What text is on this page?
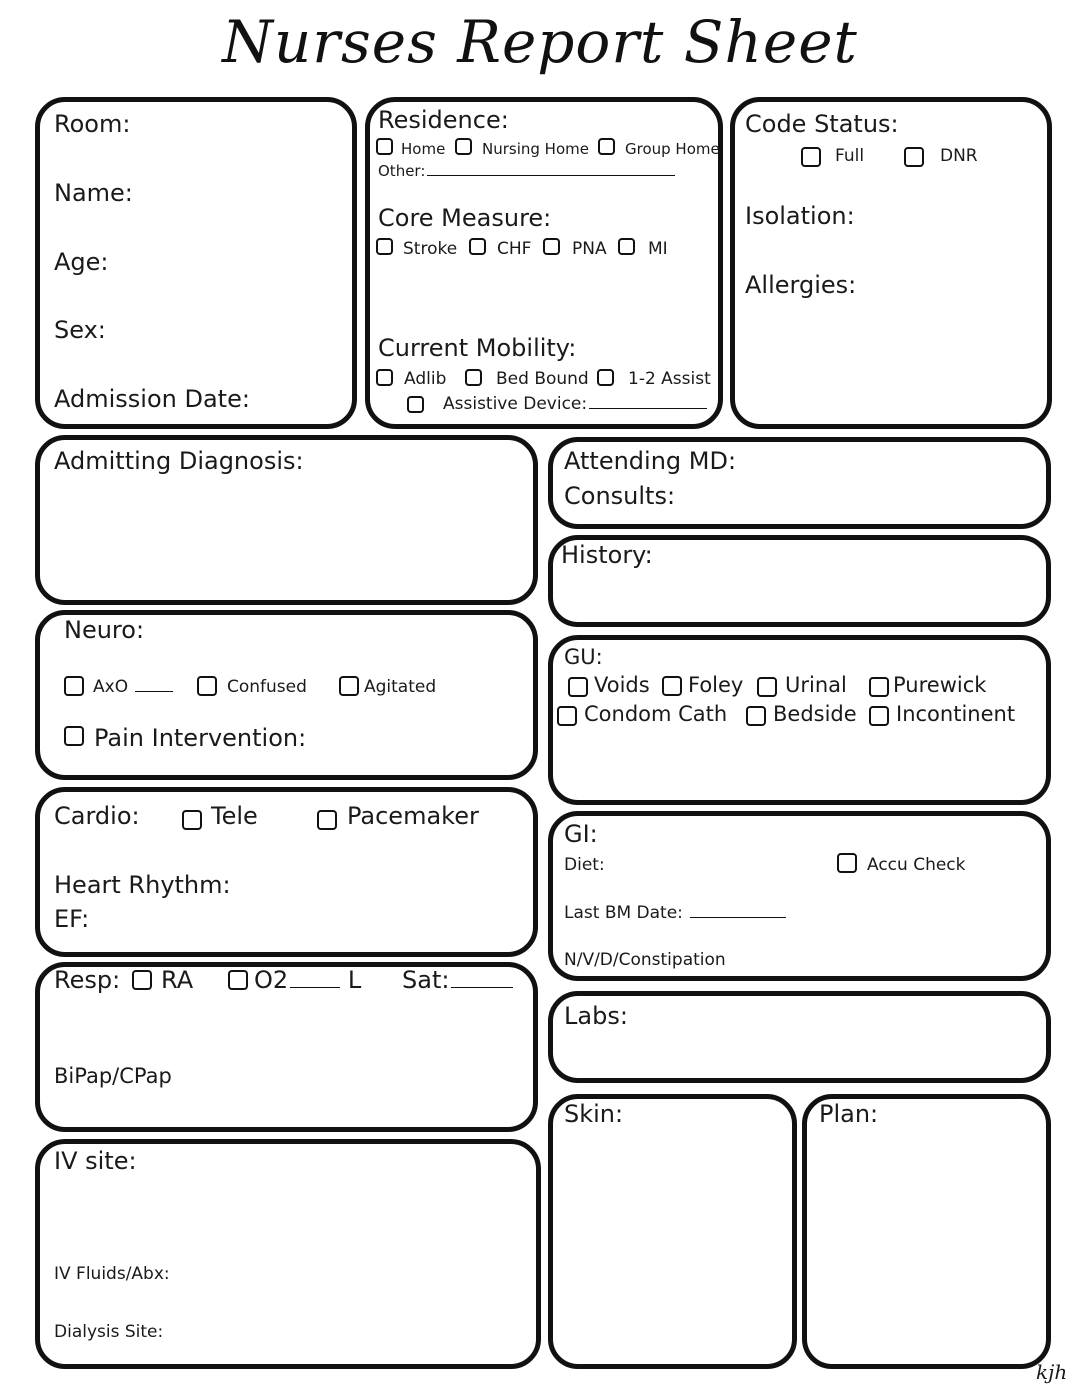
Nurses Report Sheet
Room:
Name:
Age:
Sex:
Admission Date:
Residence:
Home Nursing Home Group Home
Other:
Core Measure:
Stroke CHF PNA MI
Current Mobility:
Adlib	Bed Bound 1-2 Assist
Assistive Device:
Code Status:
Full	DNR
Isolation:
Allergies:
Admitting Diagnosis:	Attending MD:
Consults:
History:
Neuro:
AxO	Confused	Agitated
Pain Intervention:
GU:
Voids Foley Urinal Purewick
Condom Cath Bedside Incontinent
Cardio:	Tele	Pacemaker
Heart Rhythm:
EF:
GI:
Diet:	Accu Check
Last BM Date:
N/V/D/Constipation
Resp: RA	O2 L Sat:
BiPap/CPap
Labs:
IV site:
IV Fluids/Abx:
Dialysis Site:
Skin:	Plan:
kjh
